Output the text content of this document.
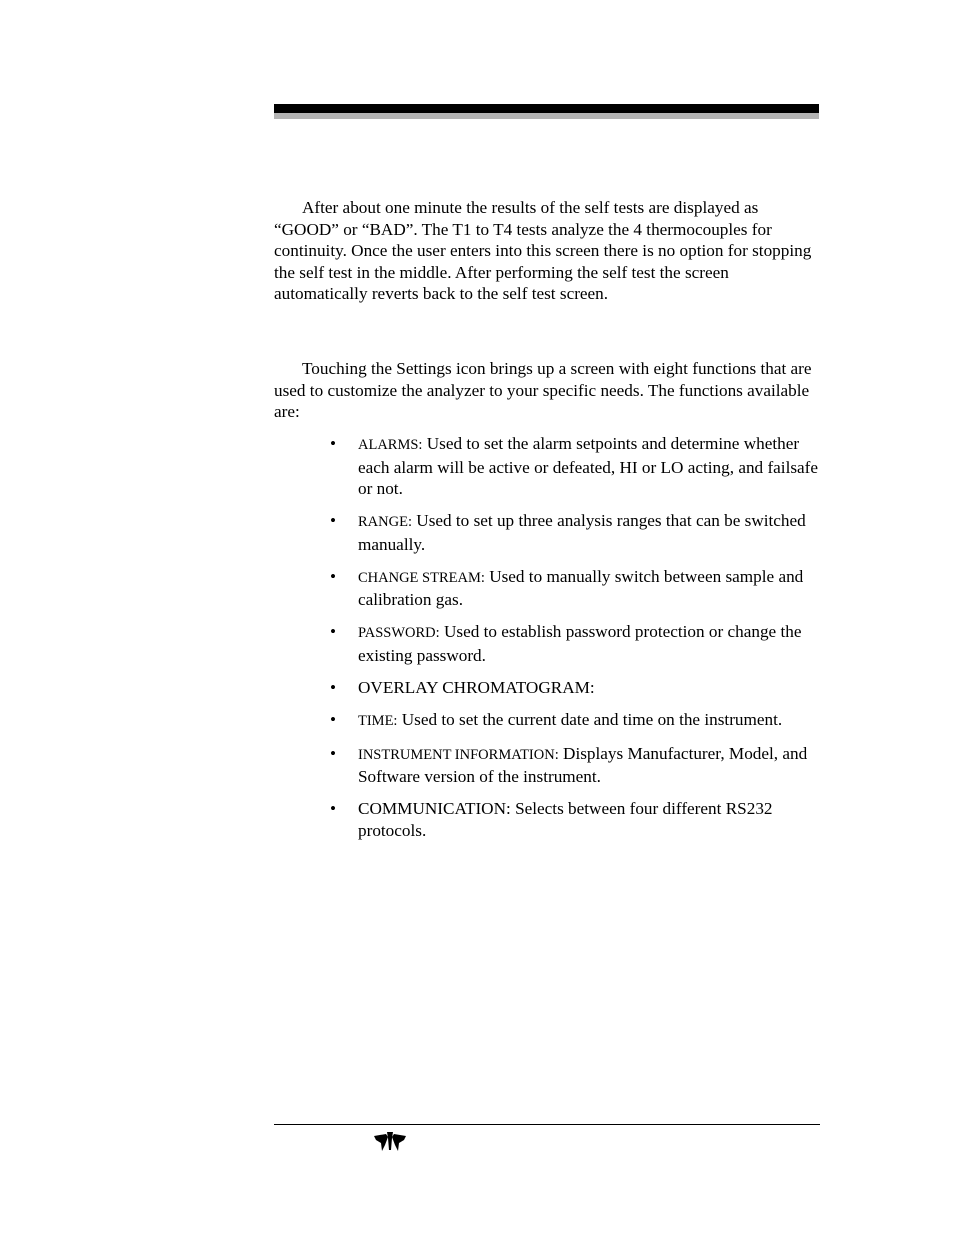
After about one minute the results of the self tests are displayed as “GOOD” or “BAD”. The T1 to T4 tests analyze the 4 thermocouples for continuity. Once the user enters into this screen there is no option for stopping the self test in the middle. After performing the self test the screen automatically reverts back to the self test screen.

Touching the Settings icon brings up a screen with eight functions that are used to customize the analyzer to your specific needs. The functions available are:

• ALARMS: Used to set the alarm setpoints and determine whether each alarm will be active or defeated, HI or LO acting, and failsafe or not.
• RANGE: Used to set up three analysis ranges that can be switched manually.
• CHANGE STREAM: Used to manually switch between sample and calibration gas.
• PASSWORD: Used to establish password protection or change the existing password.
• OVERLAY CHROMATOGRAM:
• TIME: Used to set the current date and time on the instrument.
• INSTRUMENT INFORMATION: Displays Manufacturer, Model, and Software version of the instrument.
• COMMUNICATION: Selects between four different RS232 protocols.
